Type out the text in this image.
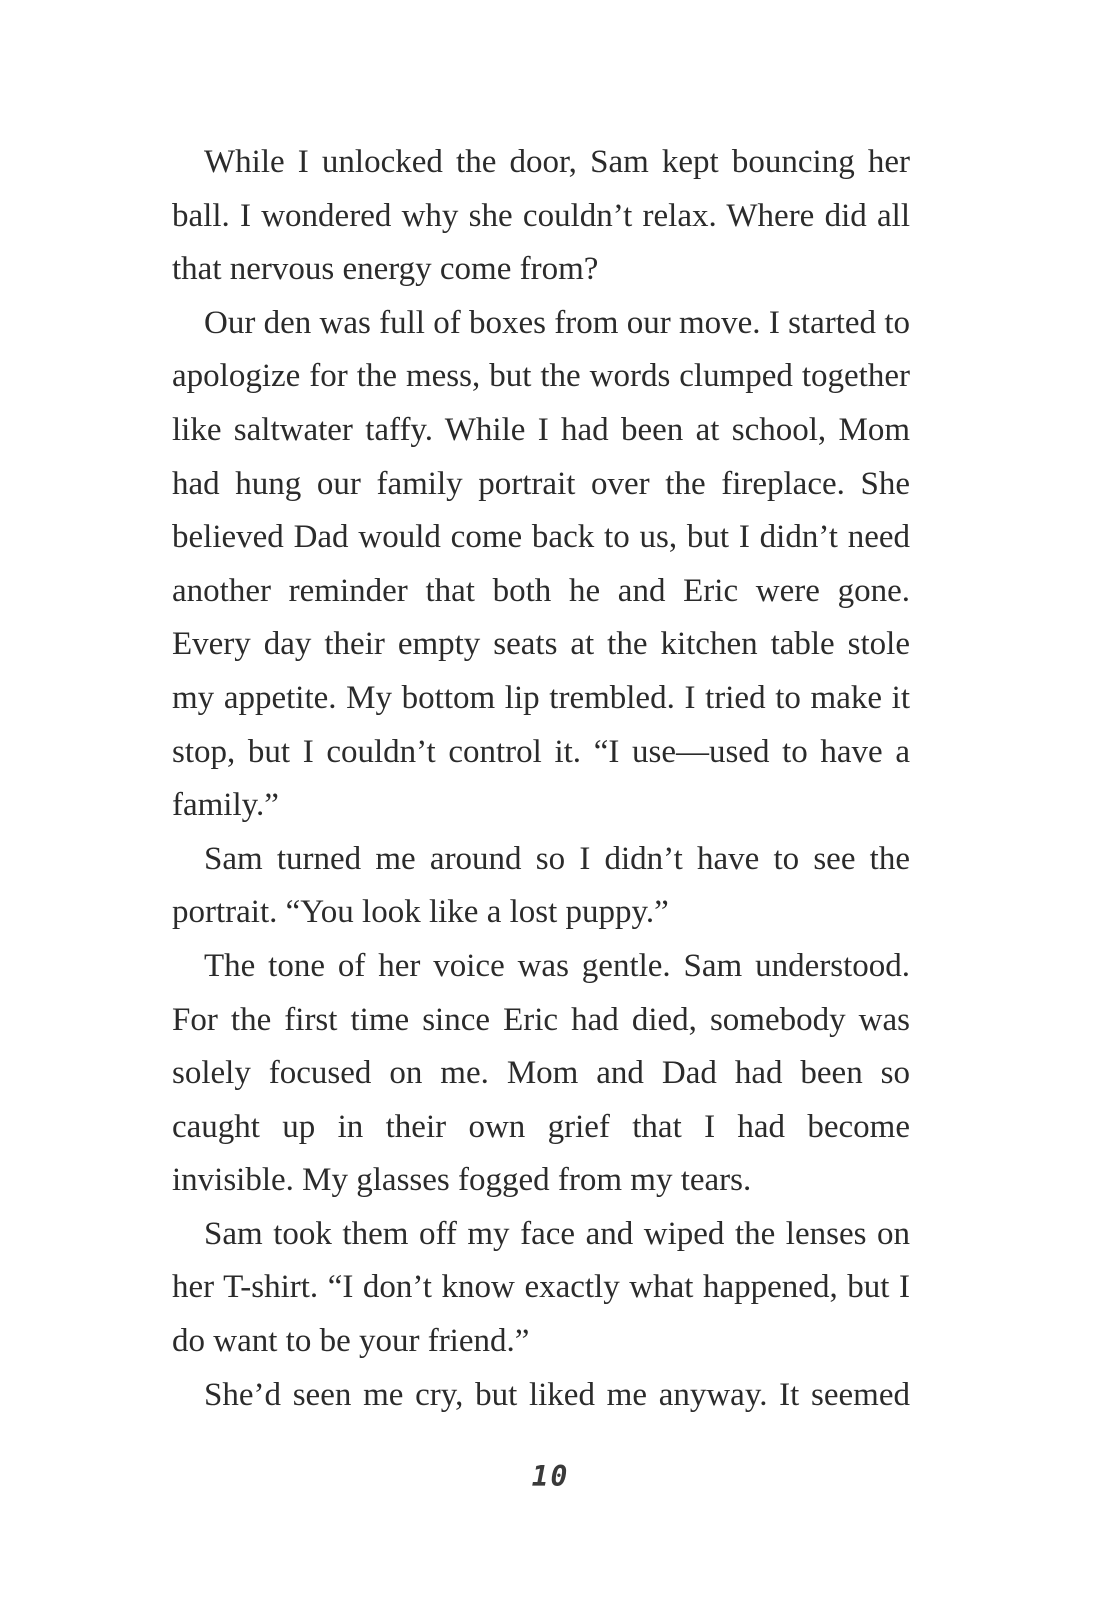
While I unlocked the door, Sam kept bouncing her ball. I wondered why she couldn’t relax. Where did all that nervous energy come from?

Our den was full of boxes from our move. I started to apologize for the mess, but the words clumped together like saltwater taffy. While I had been at school, Mom had hung our family portrait over the fireplace. She believed Dad would come back to us, but I didn’t need another reminder that both he and Eric were gone. Every day their empty seats at the kitchen table stole my appetite. My bottom lip trembled. I tried to make it stop, but I couldn’t control it. “I use—used to have a family.”

Sam turned me around so I didn’t have to see the portrait. “You look like a lost puppy.”

The tone of her voice was gentle. Sam understood. For the first time since Eric had died, somebody was solely focused on me. Mom and Dad had been so caught up in their own grief that I had become invisible. My glasses fogged from my tears.

Sam took them off my face and wiped the lenses on her T-shirt. “I don’t know exactly what happened, but I do want to be your friend.”

She’d seen me cry, but liked me anyway. It seemed

10
